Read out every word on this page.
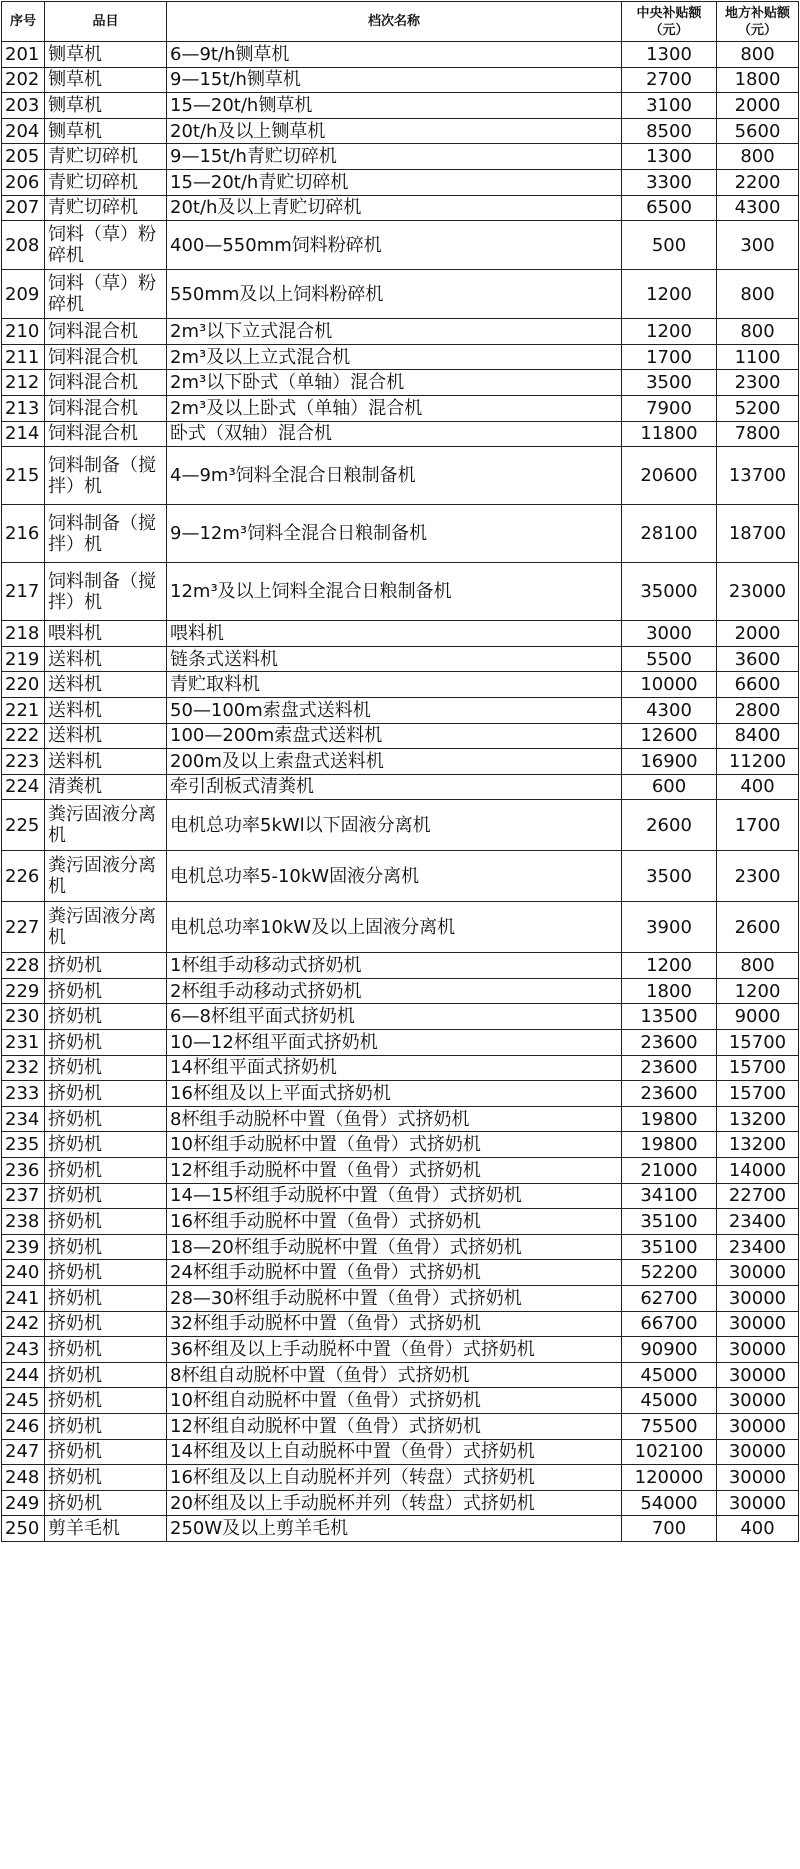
序号	品目	档次名称	中央补贴额（元）	地方补贴额（元）
201	铡草机	6—9t/h铡草机	1300	800
202	铡草机	9—15t/h铡草机	2700	1800
203	铡草机	15—20t/h铡草机	3100	2000
204	铡草机	20t/h及以上铡草机	8500	5600
205	青贮切碎机	9—15t/h青贮切碎机	1300	800
206	青贮切碎机	15—20t/h青贮切碎机	3300	2200
207	青贮切碎机	20t/h及以上青贮切碎机	6500	4300
208	饲料（草）粉碎机	400—550mm饲料粉碎机	500	300
209	饲料（草）粉碎机	550mm及以上饲料粉碎机	1200	800
210	饲料混合机	2m³以下立式混合机	1200	800
211	饲料混合机	2m³及以上立式混合机	1700	1100
212	饲料混合机	2m³以下卧式（单轴）混合机	3500	2300
213	饲料混合机	2m³及以上卧式（单轴）混合机	7900	5200
214	饲料混合机	卧式（双轴）混合机	11800	7800
215	饲料制备（搅拌）机	4—9m³饲料全混合日粮制备机	20600	13700
216	饲料制备（搅拌）机	9—12m³饲料全混合日粮制备机	28100	18700
217	饲料制备（搅拌）机	12m³及以上饲料全混合日粮制备机	35000	23000
218	喂料机	喂料机	3000	2000
219	送料机	链条式送料机	5500	3600
220	送料机	青贮取料机	10000	6600
221	送料机	50—100m索盘式送料机	4300	2800
222	送料机	100—200m索盘式送料机	12600	8400
223	送料机	200m及以上索盘式送料机	16900	11200
224	清粪机	牵引刮板式清粪机	600	400
225	粪污固液分离机	电机总功率5kWl以下固液分离机	2600	1700
226	粪污固液分离机	电机总功率5-10kW固液分离机	3500	2300
227	粪污固液分离机	电机总功率10kW及以上固液分离机	3900	2600
228	挤奶机	1杯组手动移动式挤奶机	1200	800
229	挤奶机	2杯组手动移动式挤奶机	1800	1200
230	挤奶机	6—8杯组平面式挤奶机	13500	9000
231	挤奶机	10—12杯组平面式挤奶机	23600	15700
232	挤奶机	14杯组平面式挤奶机	23600	15700
233	挤奶机	16杯组及以上平面式挤奶机	23600	15700
234	挤奶机	8杯组手动脱杯中置（鱼骨）式挤奶机	19800	13200
235	挤奶机	10杯组手动脱杯中置（鱼骨）式挤奶机	19800	13200
236	挤奶机	12杯组手动脱杯中置（鱼骨）式挤奶机	21000	14000
237	挤奶机	14—15杯组手动脱杯中置（鱼骨）式挤奶机	34100	22700
238	挤奶机	16杯组手动脱杯中置（鱼骨）式挤奶机	35100	23400
239	挤奶机	18—20杯组手动脱杯中置（鱼骨）式挤奶机	35100	23400
240	挤奶机	24杯组手动脱杯中置（鱼骨）式挤奶机	52200	30000
241	挤奶机	28—30杯组手动脱杯中置（鱼骨）式挤奶机	62700	30000
242	挤奶机	32杯组手动脱杯中置（鱼骨）式挤奶机	66700	30000
243	挤奶机	36杯组及以上手动脱杯中置（鱼骨）式挤奶机	90900	30000
244	挤奶机	8杯组自动脱杯中置（鱼骨）式挤奶机	45000	30000
245	挤奶机	10杯组自动脱杯中置（鱼骨）式挤奶机	45000	30000
246	挤奶机	12杯组自动脱杯中置（鱼骨）式挤奶机	75500	30000
247	挤奶机	14杯组及以上自动脱杯中置（鱼骨）式挤奶机	102100	30000
248	挤奶机	16杯组及以上自动脱杯并列（转盘）式挤奶机	120000	30000
249	挤奶机	20杯组及以上手动脱杯并列（转盘）式挤奶机	54000	30000
250	剪羊毛机	250W及以上剪羊毛机	700	400
